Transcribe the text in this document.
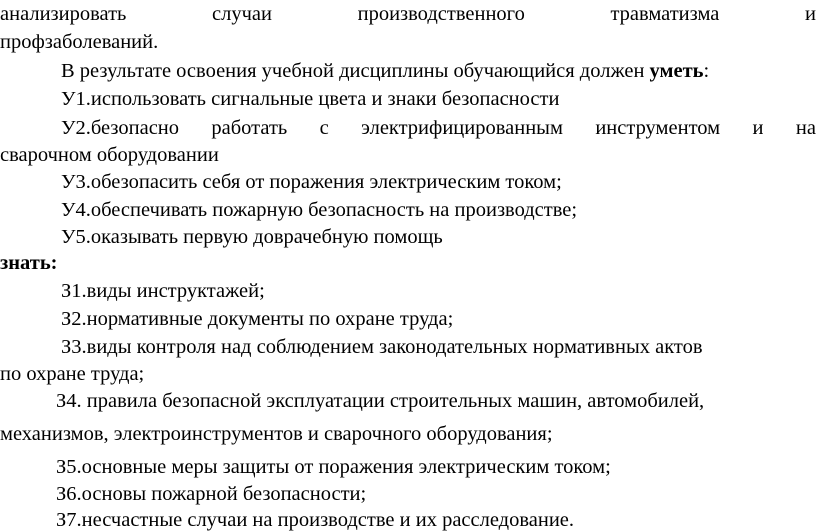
анализировать	случаи	производственного	травматизма	и
профзаболеваний.
В результате освоения учебной дисциплины обучающийся должен уметь:
У1.использовать сигнальные цвета и знаки безопасности
У2.безопасно работать с электрифицированным инструментом и на
сварочном оборудовании
У3.обезопасить себя от поражения электрическим током;
У4.обеспечивать пожарную безопасность на производстве;
У5.оказывать первую доврачебную помощь
знать:
З1.виды инструктажей;
З2.нормативные документы по охране труда;
З3.виды контроля над соблюдением законодательных нормативных актов
по охране труда;
З4. правила безопасной эксплуатации строительных машин, автомобилей,
механизмов, электроинструментов и сварочного оборудования;
З5.основные меры защиты от поражения электрическим током;
З6.основы пожарной безопасности;
З7.несчастные случаи на производстве и их расследование.
